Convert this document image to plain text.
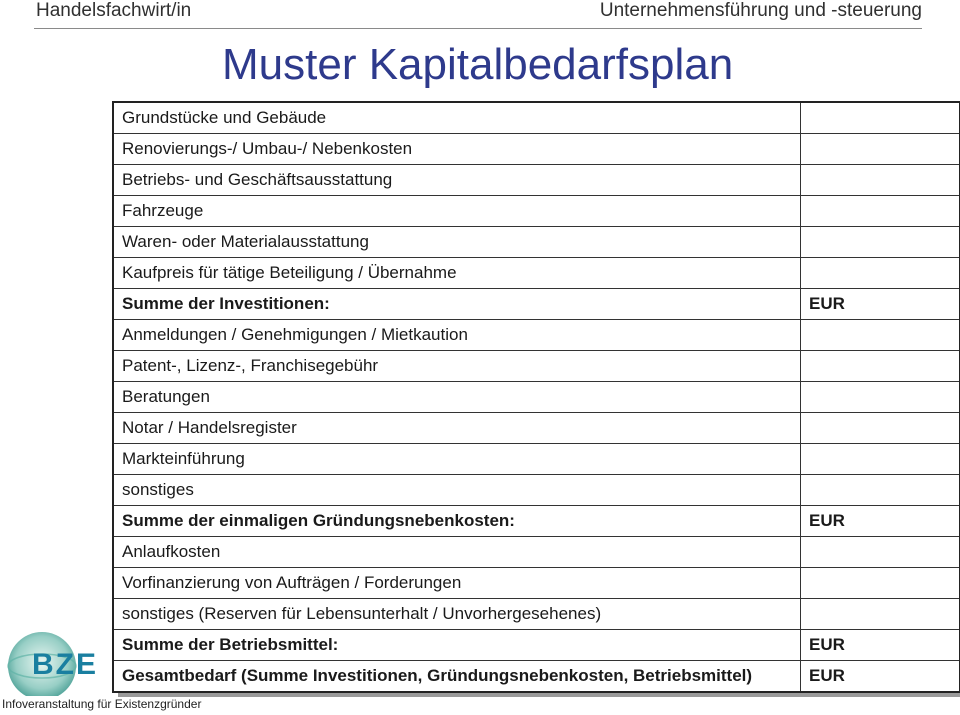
Handelsfachwirt/in	Unternehmensführung und -steuerung
Muster Kapitalbedarfsplan
Grundstücke und Gebäude	
Renovierungs-/ Umbau-/ Nebenkosten	
Betriebs- und Geschäftsausstattung	
Fahrzeuge	
Waren- oder Materialausstattung	
Kaufpreis für tätige Beteiligung / Übernahme	
Summe der Investitionen:	EUR
Anmeldungen / Genehmigungen / Mietkaution	
Patent-, Lizenz-, Franchisegebühr	
Beratungen	
Notar / Handelsregister	
Markteinführung	
sonstiges	
Summe der einmaligen Gründungsnebenkosten:	EUR
Anlaufkosten	
Vorfinanzierung von Aufträgen / Forderungen	
sonstiges (Reserven für Lebensunterhalt / Unvorhergesehenes)	
Summe der Betriebsmittel:	EUR
Gesamtbedarf (Summe Investitionen, Gründungsnebenkosten, Betriebsmittel)	EUR
BZE
Infoveranstaltung für Existenzgründer
